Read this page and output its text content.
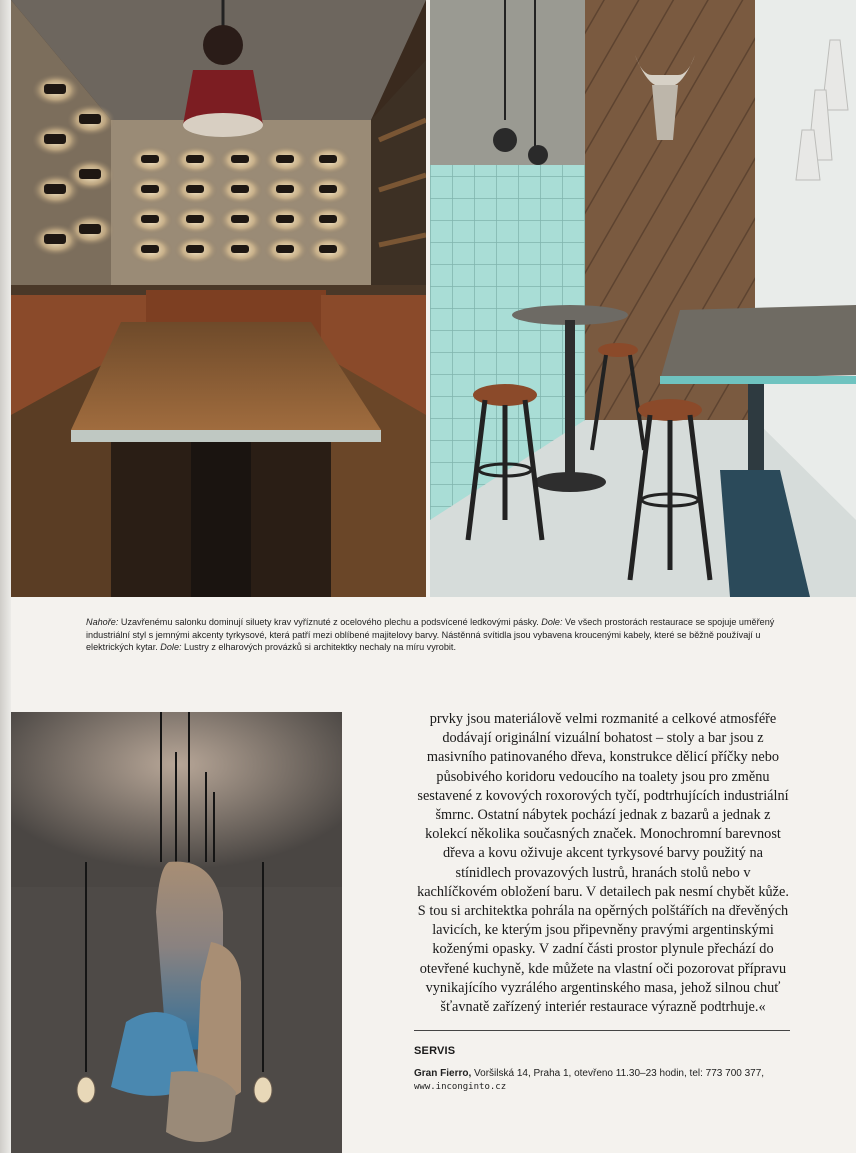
Nahoře: Uzavřenému salonku dominují siluety krav vyříznuté z ocelového plechu a podsvícené ledkovými pásky. Dole: Ve všech prostorách restaurace se spojuje uměřený industriální styl s jemnými akcenty tyrkysové, která patří mezi oblíbené majitelovy barvy. Nástěnná svítidla jsou vybavena kroucenými kabely, které se běžně používají u elektrických kytar. Dole: Lustry z elharových provázků si architektky nechaly na míru vyrobit.
prvky jsou materiálově velmi rozmanité a celkové atmosféře dodávají originální vizuální bohatost – stoly a bar jsou z masivního patinovaného dřeva, konstrukce dělicí příčky nebo působivého koridoru vedoucího na toalety jsou pro změnu sestavené z kovových roxorových tyčí, podtrhujících industriální šmrnc. Ostatní nábytek pochází jednak z bazarů a jednak z kolekcí několika současných značek. Monochromní barevnost dřeva a kovu oživuje akcent tyrkysové barvy použitý na stínidlech provazových lustrů, hranách stolů nebo v kachlíčkovém obložení baru. V detailech pak nesmí chybět kůže. S tou si architektka pohrála na opěrných polštářích na dřevěných lavicích, ke kterým jsou připevněny pravými argentinskými koženými opasky. V zadní části prostor plynule přechází do otevřené kuchyně, kde můžete na vlastní oči pozorovat přípravu vynikajícího vyzrálého argentinského masa, jehož silnou chuť šťavnatě zařízený interiér restaurace výrazně podtrhuje.«
SERVIS
Gran Fierro, Voršilská 14, Praha 1, otevřeno 11.30–23 hodin, tel: 773 700 377,
www.inconginto.cz
